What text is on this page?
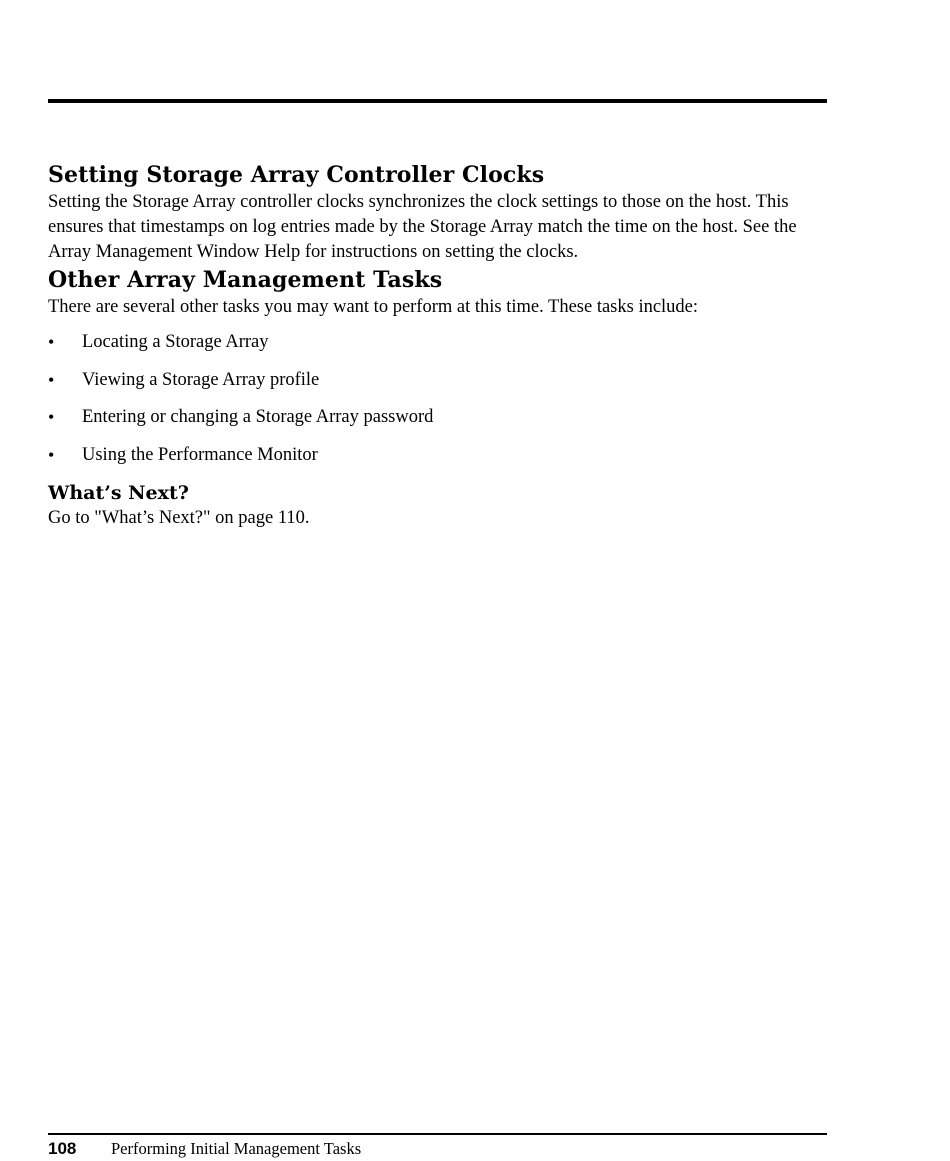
Setting Storage Array Controller Clocks

Setting the Storage Array controller clocks synchronizes the clock settings to those on the host. This ensures that timestamps on log entries made by the Storage Array match the time on the host. See the Array Management Window Help for instructions on setting the clocks.

Other Array Management Tasks

There are several other tasks you may want to perform at this time. These tasks include:

• Locating a Storage Array
• Viewing a Storage Array profile
• Entering or changing a Storage Array password
• Using the Performance Monitor
What’s Next?

Go to "What’s Next?" on page 110.

108	Performing Initial Management Tasks
